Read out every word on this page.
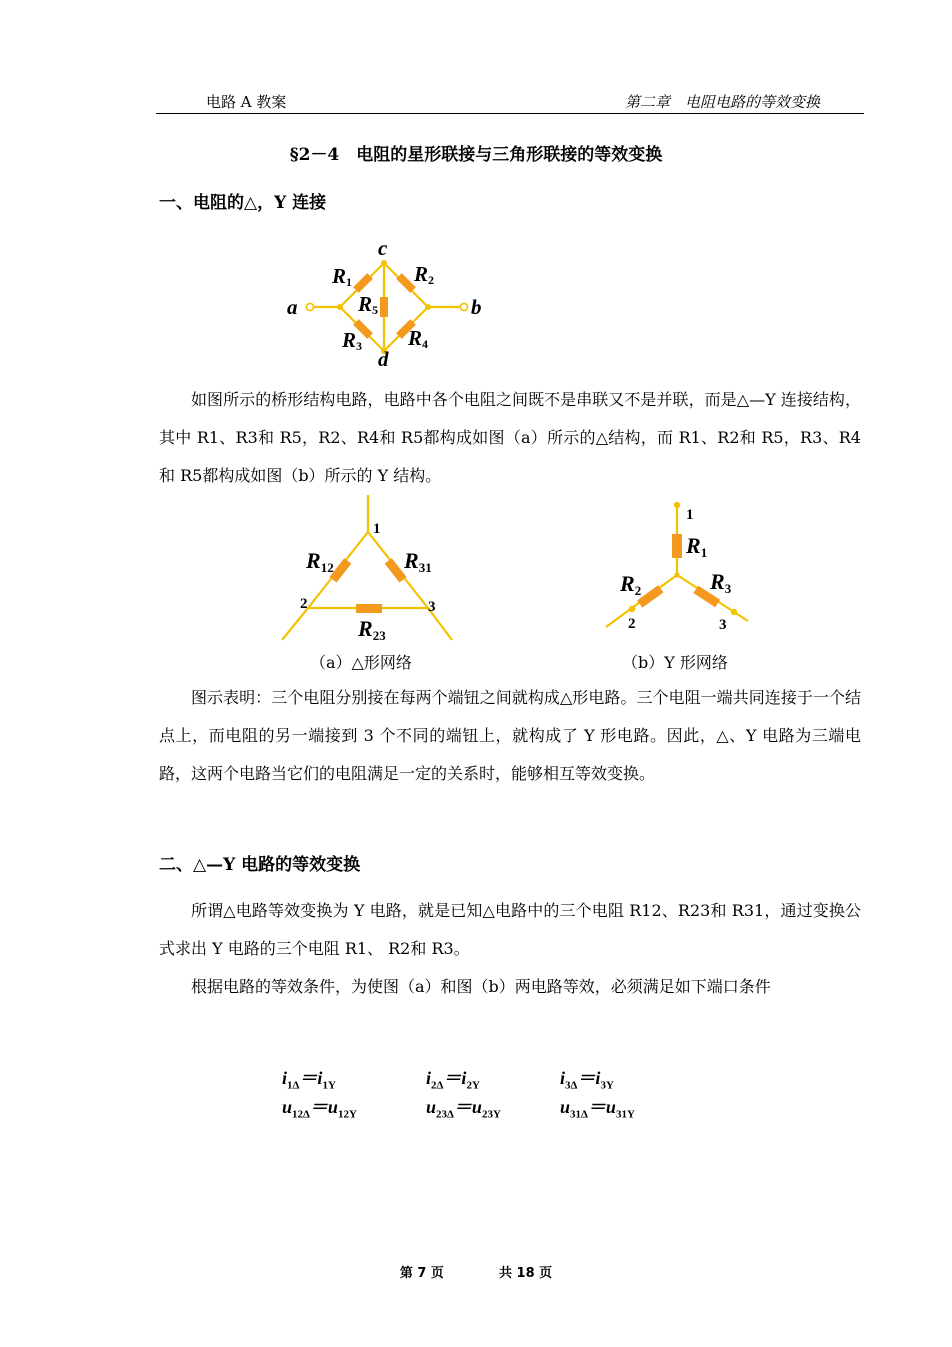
电路 A 教案	第二章　电阻电路的等效变换
§2－4　电阻的星形联接与三角形联接的等效变换
一、电阻的△，Y 连接
a	b
c
d
R1	R2
R3 R4
R5

如图所示的桥形结构电路，电路中各个电阻之间既不是串联又不是并联，而是△—Y 连接结构，其中 R1、R3和 R5，R2、R4和 R5都构成如图（a）所示的△结构，而 R1、R2和 R5，R3、R4和 R5都构成如图（b）所示的 Y 结构。

1
2	3
R12	R31
R23
1
2	3
R1
R2	R3
（a）△形网络	（b）Y 形网络

图示表明：三个电阻分别接在每两个端钮之间就构成△形电路。三个电阻一端共同连接于一个结点上，而电阻的另一端接到 3 个不同的端钮上，就构成了 Y 形电路。因此，△、Y 电路为三端电路，这两个电路当它们的电阻满足一定的关系时，能够相互等效变换。

二、△—Y 电路的等效变换

所谓△电路等效变换为 Y 电路，就是已知△电路中的三个电阻 R12、R23和 R31，通过变换公式求出 Y 电路的三个电阻 R1、 R2和 R3。

根据电路的等效条件，为使图（a）和图（b）两电路等效，必须满足如下端口条件

$i_{1\Delta}=i_{1Y}$	$i_{2\Delta}=i_{2Y}$	$i_{3\Delta}=i_{3Y}$
$u_{12\Delta}=u_{12Y}$	$u_{23\Delta}=u_{23Y}$	$u_{31\Delta}=u_{31Y}$
第 7 页	共 18 页
